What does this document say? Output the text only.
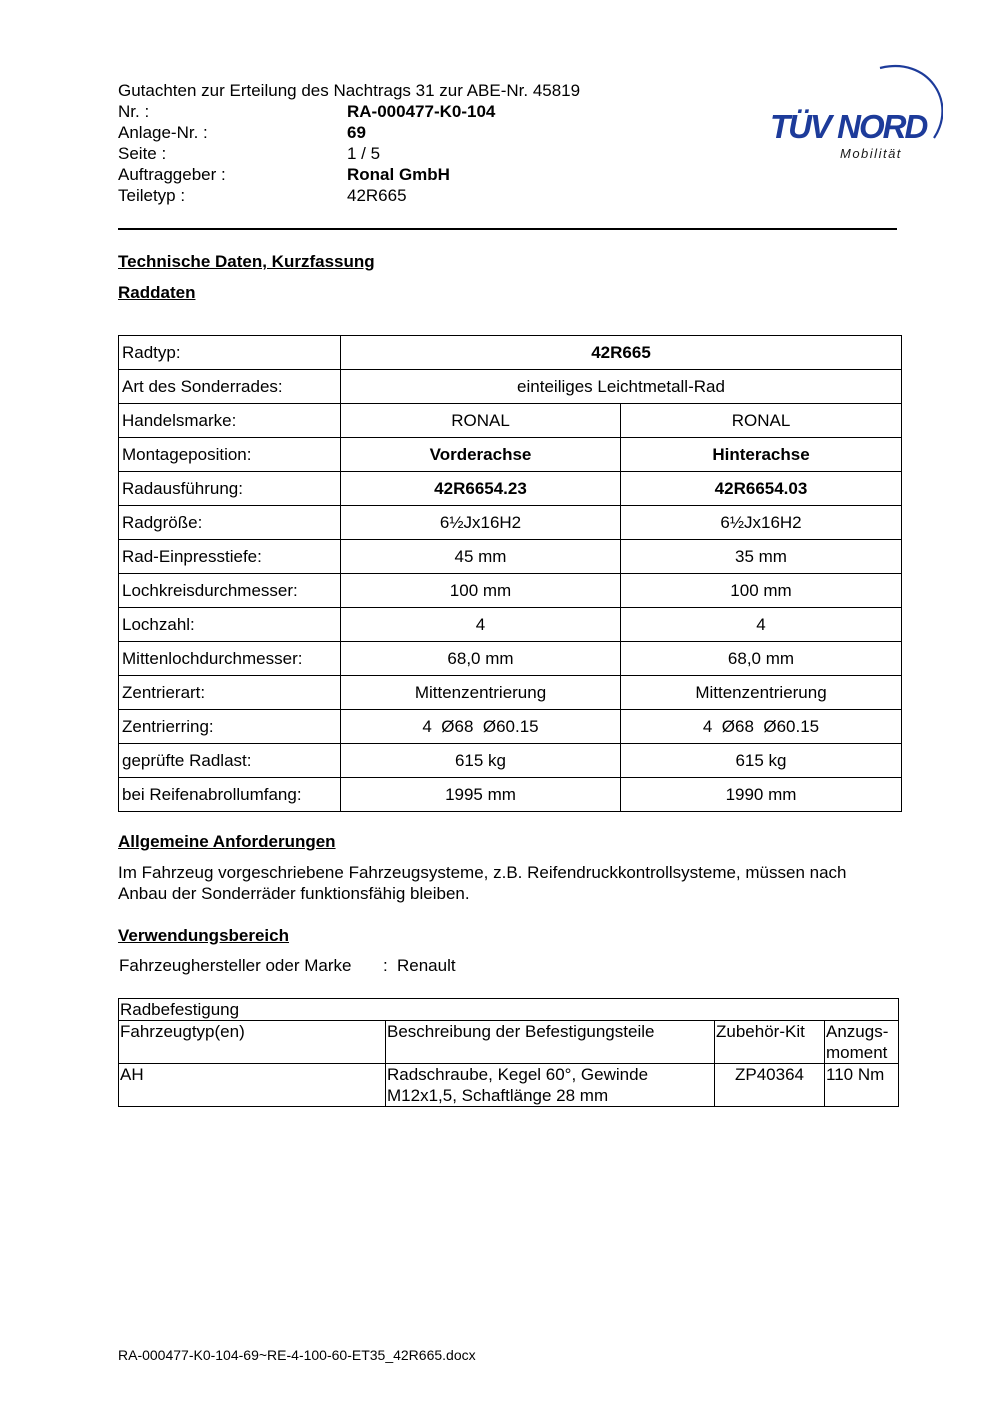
Gutachten zur Erteilung des Nachtrags 31 zur ABE-Nr. 45819
Nr. :	RA-000477-K0-104
Anlage-Nr. :	69
Seite :	1 / 5
Auftraggeber :	Ronal GmbH
Teiletyp :	42R665
TÜV NORD
Mobilität
Technische Daten, Kurzfassung
Raddaten
Radtyp:	42R665	
Art des Sonderrades:	einteiliges Leichtmetall-Rad	
Handelsmarke:	RONAL	RONAL
Montageposition:	Vorderachse	Hinterachse
Radausführung:	42R6654.23	42R6654.03
Radgröße:	6½Jx16H2	6½Jx16H2
Rad-Einpresstiefe:	45 mm	35 mm
Lochkreisdurchmesser:	100 mm	100 mm
Lochzahl:	4	4
Mittenlochdurchmesser:	68,0 mm	68,0 mm
Zentrierart:	Mittenzentrierung	Mittenzentrierung
Zentrierring:	4  Ø68  Ø60.15	4  Ø68  Ø60.15
geprüfte Radlast:	615 kg	615 kg
bei Reifenabrollumfang:	1995 mm	1990 mm
Allgemeine Anforderungen
Im Fahrzeug vorgeschriebene Fahrzeugsysteme, z.B. Reifendruckkontrollsysteme, müssen nach Anbau der Sonderräder funktionsfähig bleiben.
Verwendungsbereich
Fahrzeughersteller oder Marke	: Renault
Radbefestigung			
Fahrzeugtyp(en)	Beschreibung der Befestigungsteile	Zubehör-Kit	Anzugs-moment
AH	Radschraube, Kegel 60°, Gewinde M12x1,5, Schaftlänge 28 mm	ZP40364	110 Nm
RA-000477-K0-104-69~RE-4-100-60-ET35_42R665.docx
